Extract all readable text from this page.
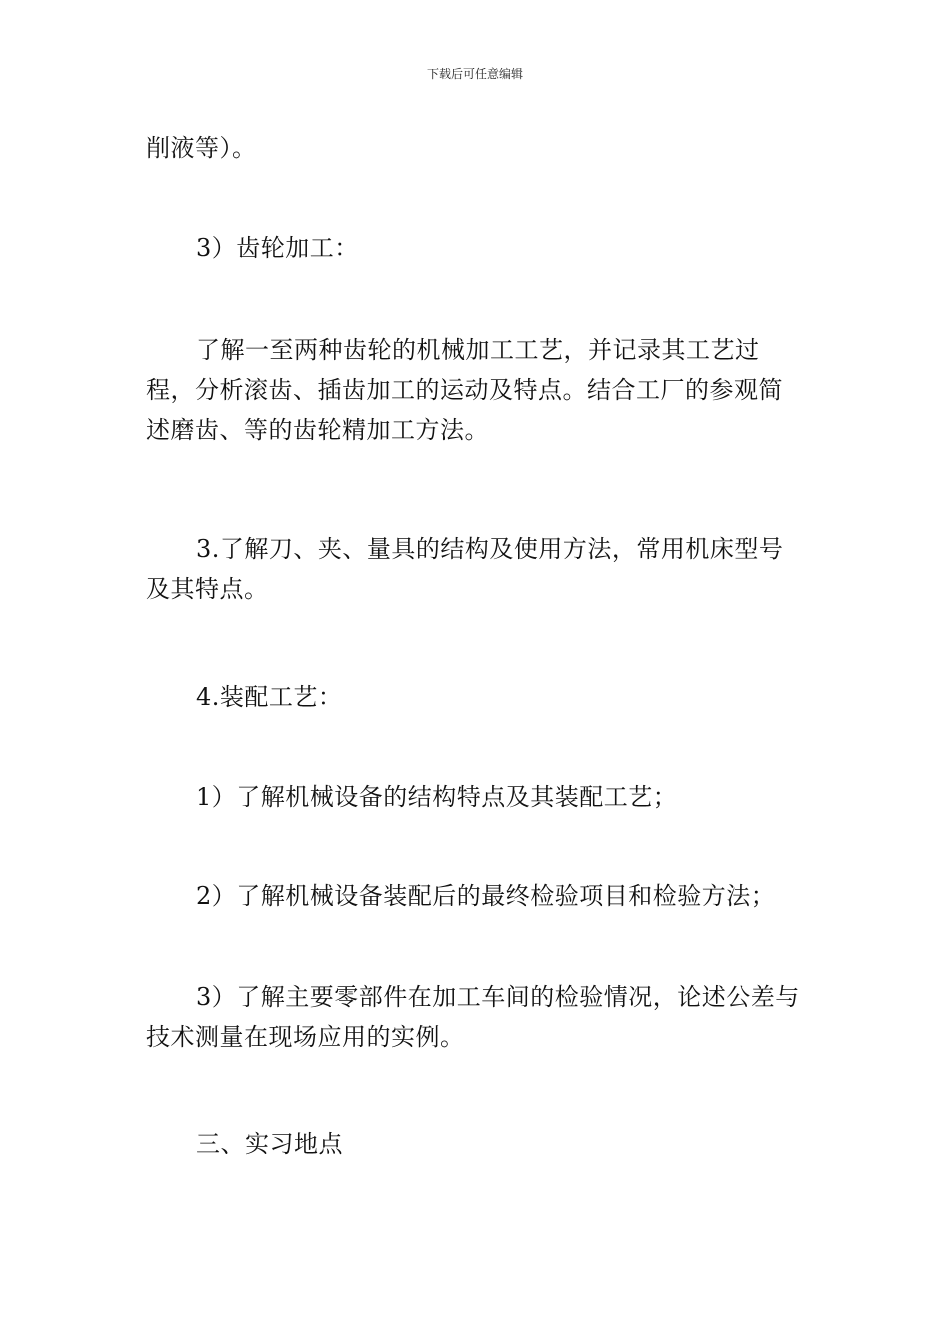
下载后可任意编辑

削液等）。

3）齿轮加工：

了解一至两种齿轮的机械加工工艺，并记录其工艺过程，分析滚齿、插齿加工的运动及特点。结合工厂的参观简述磨齿、等的齿轮精加工方法。

3.了解刀、夹、量具的结构及使用方法，常用机床型号及其特点。

4.装配工艺：

1）了解机械设备的结构特点及其装配工艺；

2）了解机械设备装配后的最终检验项目和检验方法；

3）了解主要零部件在加工车间的检验情况，论述公差与技术测量在现场应用的实例。

三、实习地点
